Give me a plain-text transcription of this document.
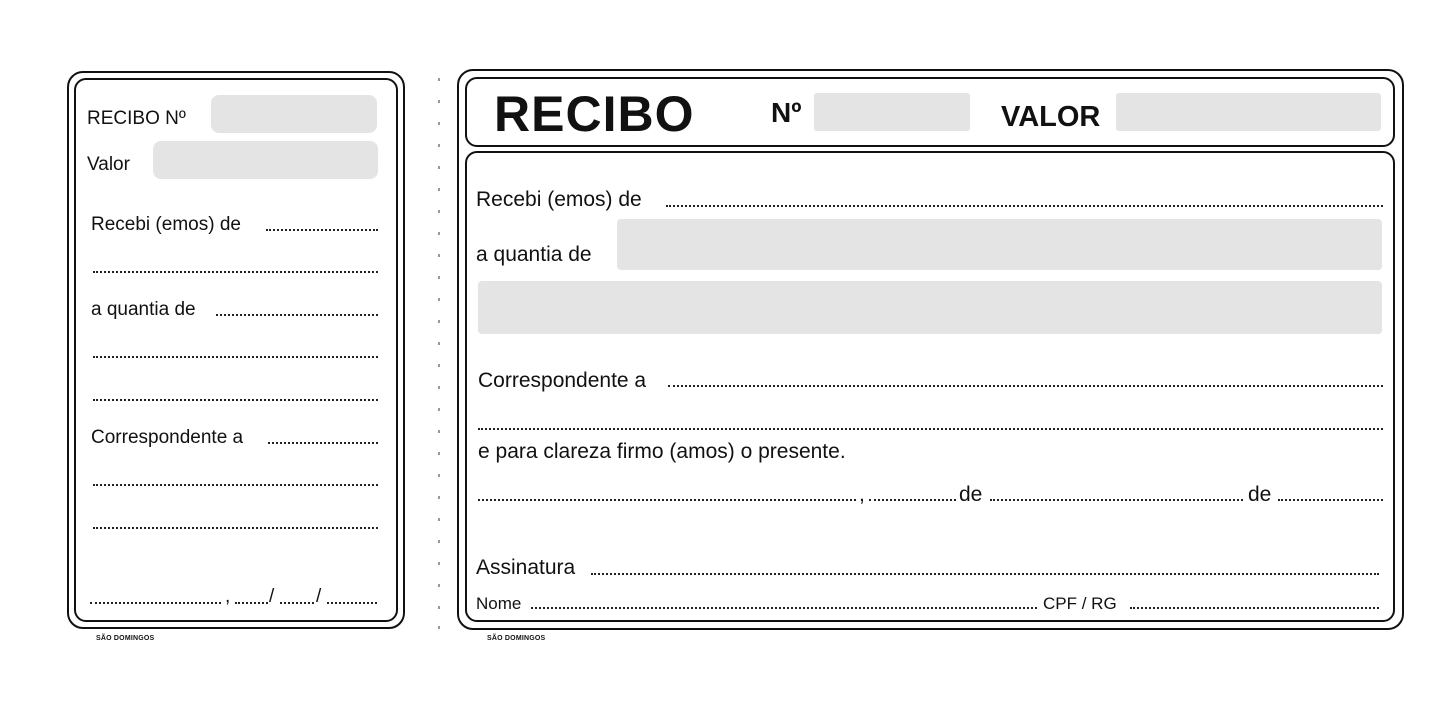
RECIBO Nº
Valor
Recebi (emos) de
a quantia de
Correspondente a
, / /
SÃO DOMINGOS
RECIBO	Nº	VALOR
Recebi (emos) de
a quantia de
Correspondente a
e para clareza firmo (amos) o presente.
,	de	de
Assinatura
Nome	CPF / RG
SÃO DOMINGOS
